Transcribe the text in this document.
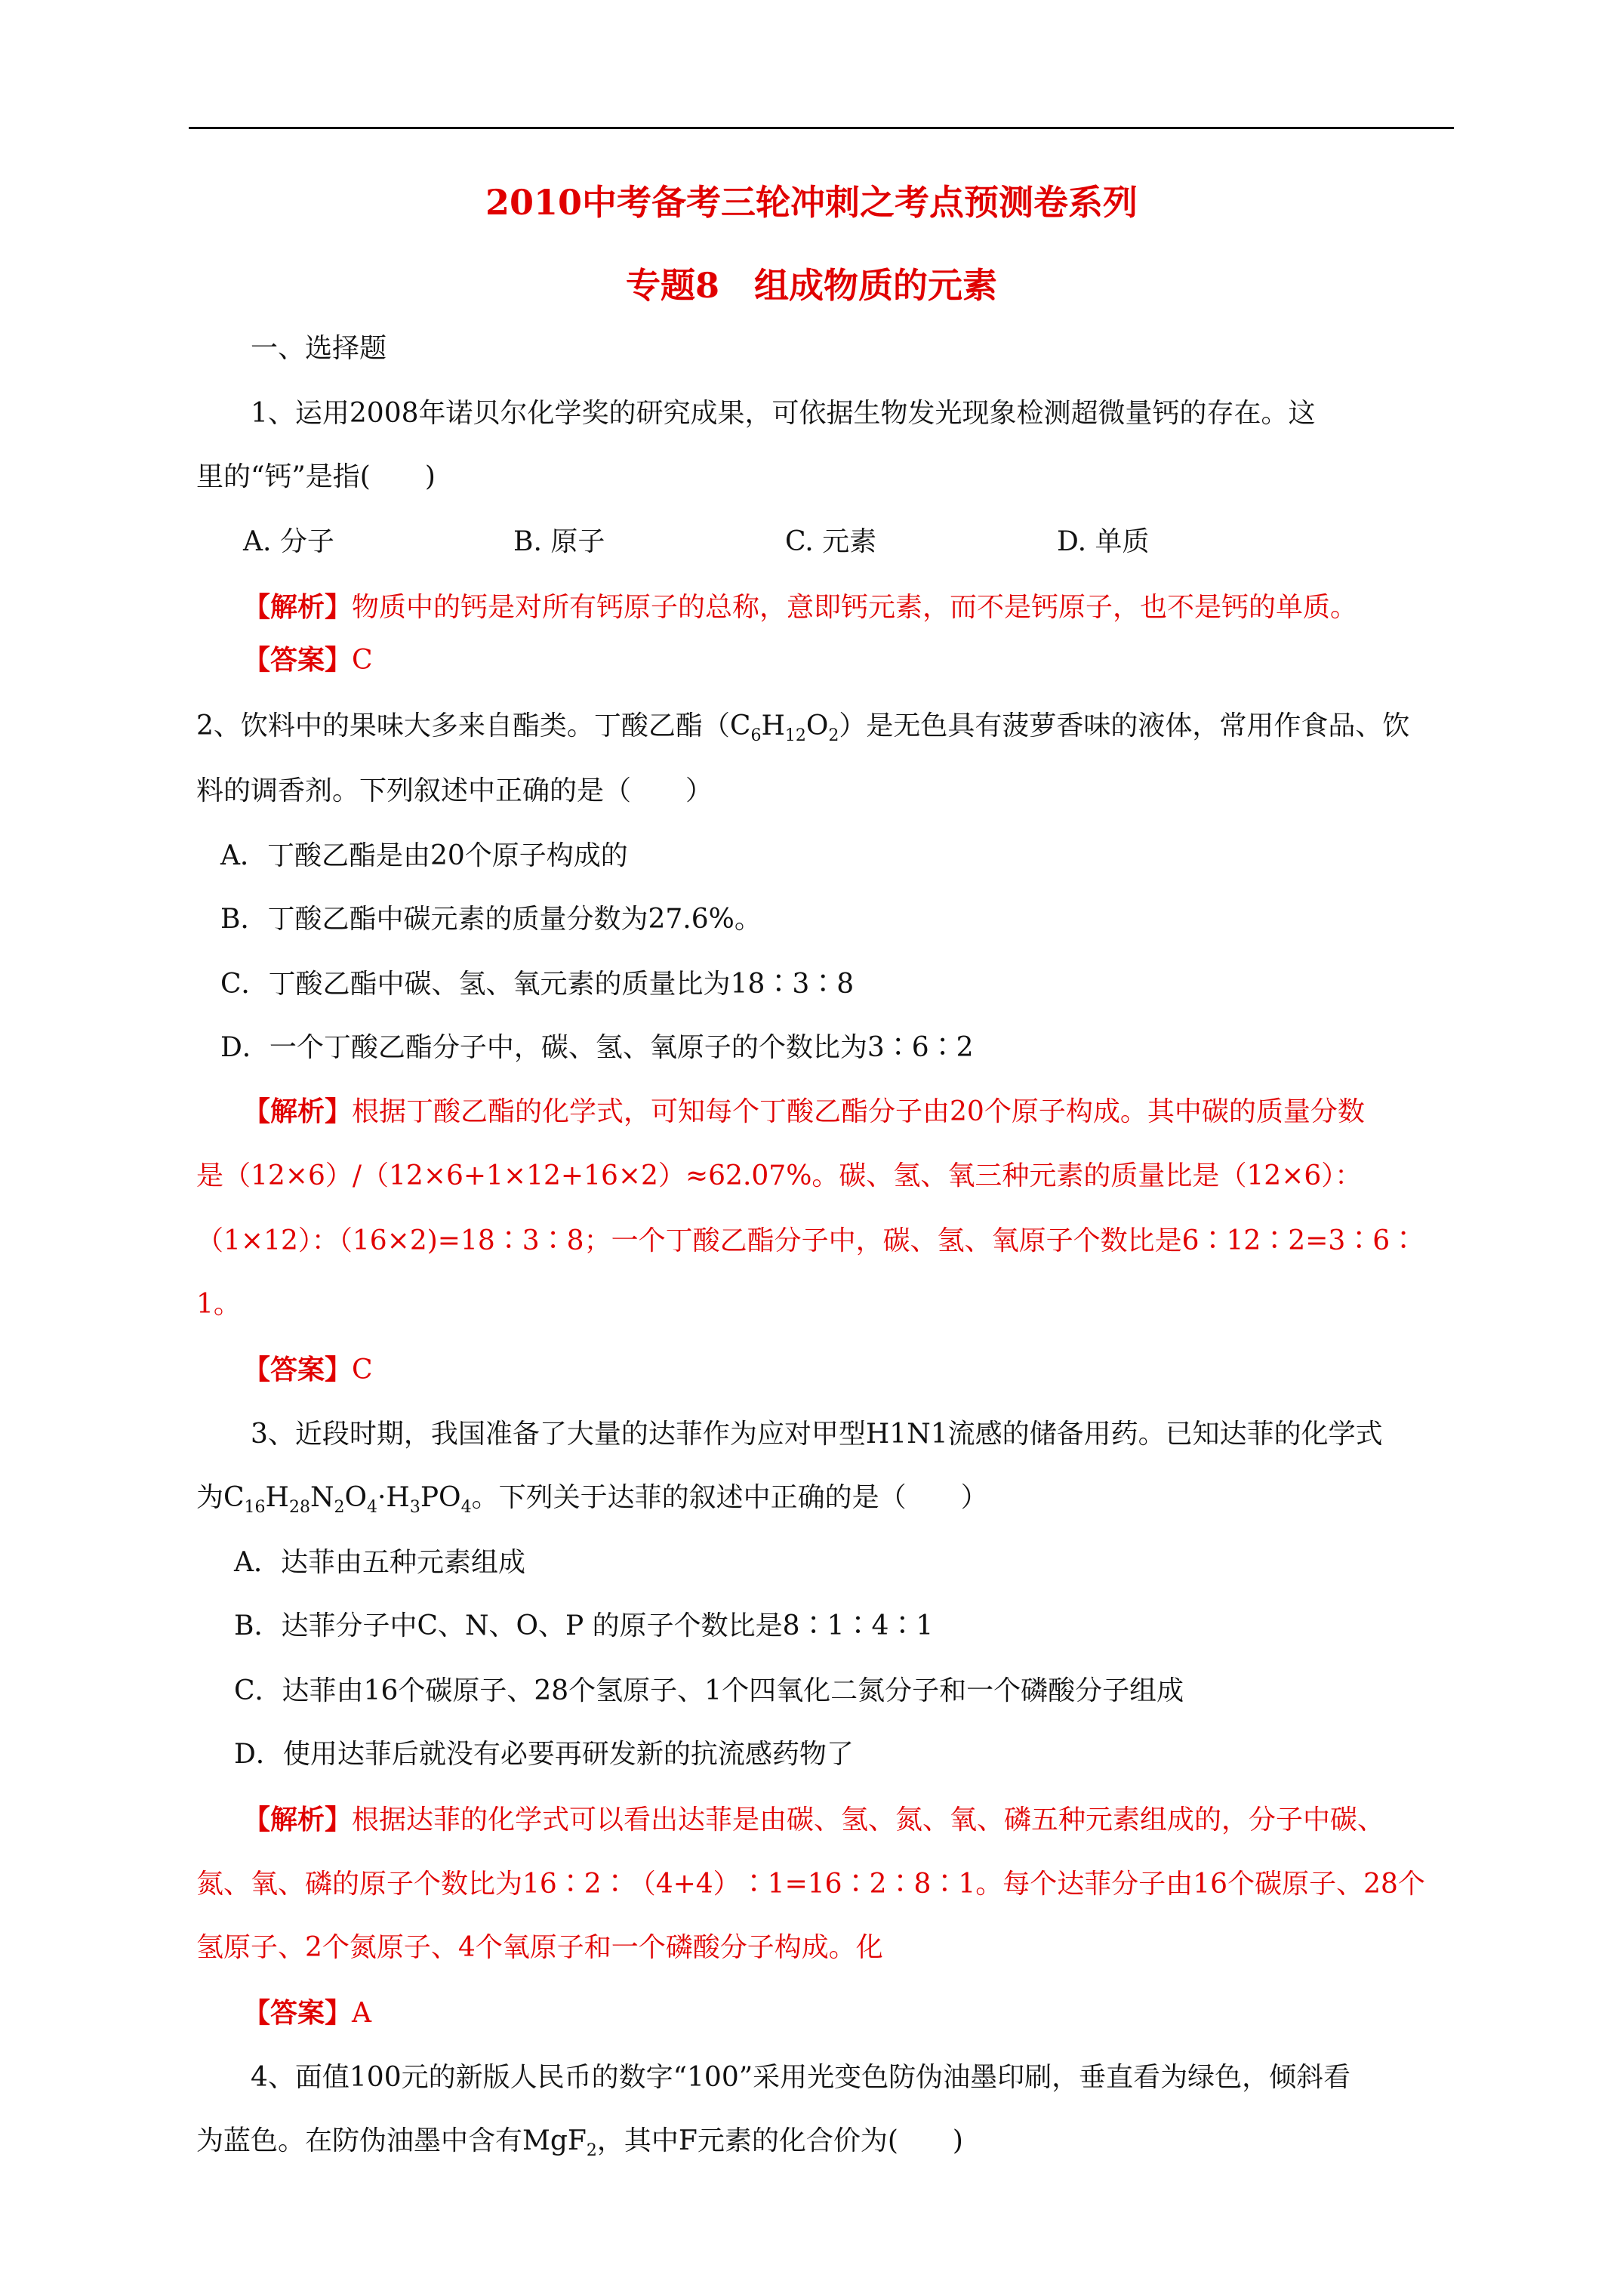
2010中考备考三轮冲刺之考点预测卷系列
专题8　组成物质的元素
一、选择题
1、运用2008年诺贝尔化学奖的研究成果，可依据生物发光现象检测超微量钙的存在。这
里的“钙”是指(　　)
A. 分子	B. 原子	C. 元素	D. 单质
【解析】物质中的钙是对所有钙原子的总称，意即钙元素，而不是钙原子，也不是钙的单质。
【答案】C
2、饮料中的果味大多来自酯类。丁酸乙酯$(C_6H_{12}O_2)$是无色具有菠萝香味的液体，常用作食品、饮
料的调香剂。下列叙述中正确的是（　　）
A．丁酸乙酯是由20个原子构成的
B．丁酸乙酯中碳元素的质量分数为27.6%。
C．丁酸乙酯中碳、氢、氧元素的质量比为18∶3∶8
D．一个丁酸乙酯分子中，碳、氢、氧原子的个数比为3∶6∶2
【解析】根据丁酸乙酯的化学式，可知每个丁酸乙酯分子由20个原子构成。其中碳的质量分数
是（12×6）/（12×6+1×12+16×2）≈62.07%。碳、氢、氧三种元素的质量比是（12×6）：
（1×12）：（16×2)=18∶3∶8；一个丁酸乙酯分子中，碳、氢、氧原子个数比是6∶12∶2=3∶6∶
1。
【答案】C
3、近段时期，我国准备了大量的达菲作为应对甲型H1N1流感的储备用药。已知达菲的化学式
为$C_{16}H_{28}N_2O_4\cdot H_3PO_4$。下列关于达菲的叙述中正确的是（　　）
A．达菲由五种元素组成
B．达菲分子中C、N、O、P 的原子个数比是8∶1∶4∶1
C．达菲由16个碳原子、28个氢原子、1个四氧化二氮分子和一个磷酸分子组成
D．使用达菲后就没有必要再研发新的抗流感药物了
【解析】根据达菲的化学式可以看出达菲是由碳、氢、氮、氧、磷五种元素组成的，分子中碳、
氮、氧、磷的原子个数比为16∶2∶（4+4）∶1=16∶2∶8∶1。每个达菲分子由16个碳原子、28个
氢原子、2个氮原子、4个氧原子和一个磷酸分子构成。化
【答案】A
4、面值100元的新版人民币的数字“100”采用光变色防伪油墨印刷，垂直看为绿色，倾斜看
为蓝色。在防伪油墨中含有MgF$_2$，其中F元素的化合价为(　　)
